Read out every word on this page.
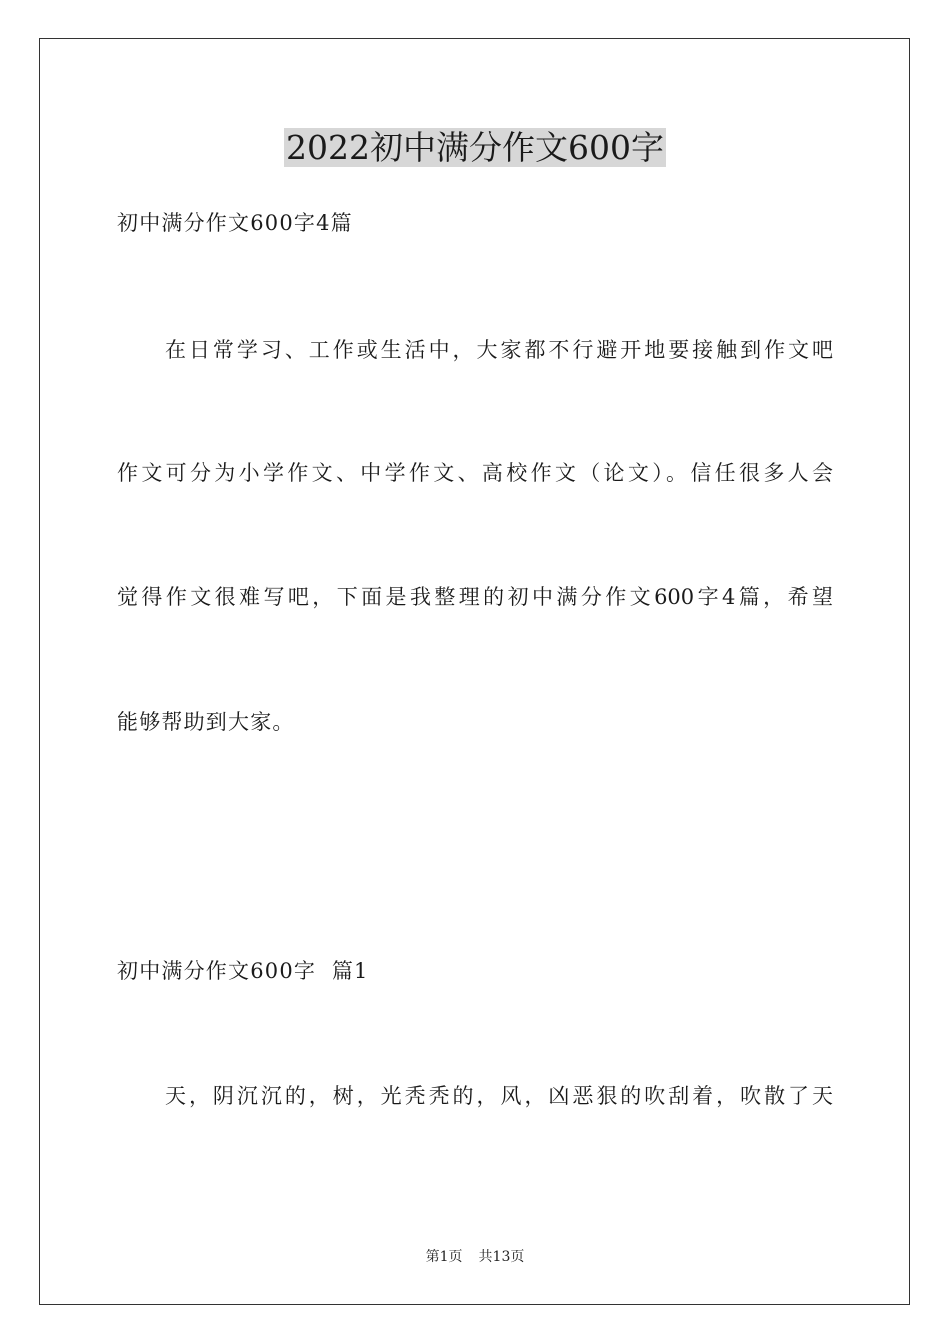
2022初中满分作文600字

初中满分作文600字4篇

在日常学习、工作或生活中，大家都不行避开地要接触到作文吧

作文可分为小学作文、中学作文、高校作文（论文）。信任很多人会

觉得作文很难写吧，下面是我整理的初中满分作文600字4篇，希望

能够帮助到大家。

初中满分作文600字  篇1

天，阴沉沉的，树，光秃秃的，风，凶恶狠的吹刮着，吹散了天

第1页 共13页
